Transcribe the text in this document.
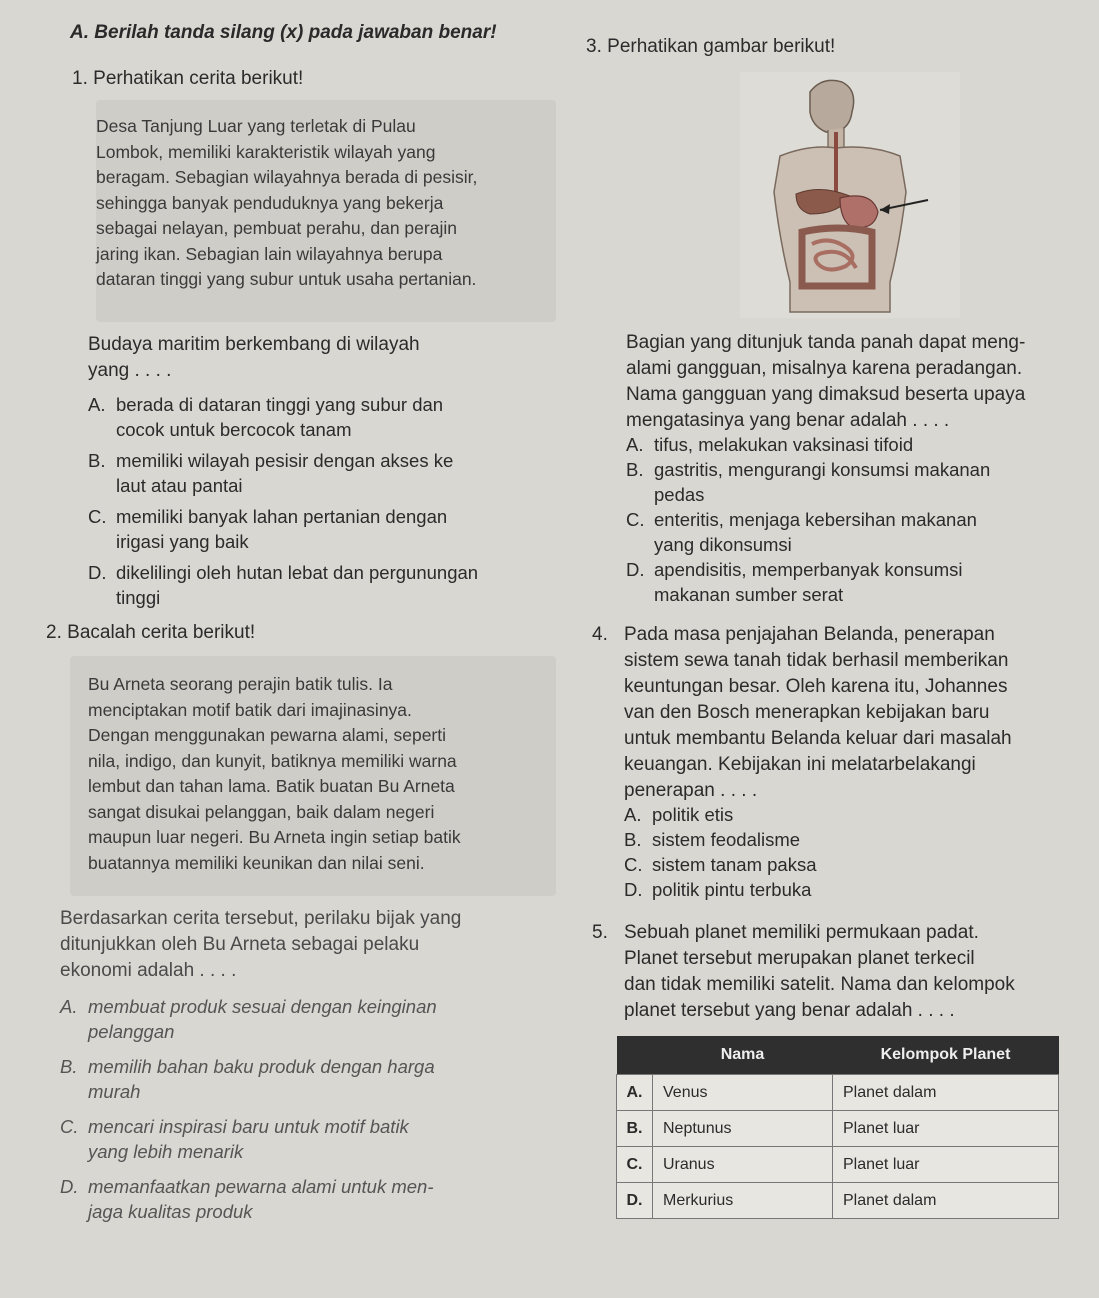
A. Berilah tanda silang (x) pada jawaban benar!
1. Perhatikan cerita berikut!
Desa Tanjung Luar yang terletak di Pulau
Lombok, memiliki karakteristik wilayah yang
beragam. Sebagian wilayahnya berada di pesisir,
sehingga banyak penduduknya yang bekerja
sebagai nelayan, pembuat perahu, dan perajin
jaring ikan. Sebagian lain wilayahnya berupa
dataran tinggi yang subur untuk usaha pertanian.
Budaya maritim berkembang di wilayah
yang . . . .
A. berada di dataran tinggi yang subur dan
cocok untuk bercocok tanam
B. memiliki wilayah pesisir dengan akses ke
laut atau pantai
C. memiliki banyak lahan pertanian dengan
irigasi yang baik
D. dikelilingi oleh hutan lebat dan pergunungan
tinggi
2. Bacalah cerita berikut!
Bu Arneta seorang perajin batik tulis. Ia
menciptakan motif batik dari imajinasinya.
Dengan menggunakan pewarna alami, seperti
nila, indigo, dan kunyit, batiknya memiliki warna
lembut dan tahan lama. Batik buatan Bu Arneta
sangat disukai pelanggan, baik dalam negeri
maupun luar negeri. Bu Arneta ingin setiap batik
buatannya memiliki keunikan dan nilai seni.
Berdasarkan cerita tersebut, perilaku bijak yang
ditunjukkan oleh Bu Arneta sebagai pelaku
ekonomi adalah . . . .
A. membuat produk sesuai dengan keinginan
pelanggan
B. memilih bahan baku produk dengan harga
murah
C. mencari inspirasi baru untuk motif batik
yang lebih menarik
D. memanfaatkan pewarna alami untuk men-
jaga kualitas produk
3. Perhatikan gambar berikut!
Bagian yang ditunjuk tanda panah dapat meng-
alami gangguan, misalnya karena peradangan.
Nama gangguan yang dimaksud beserta upaya
mengatasinya yang benar adalah . . . .
A. tifus, melakukan vaksinasi tifoid
B. gastritis, mengurangi konsumsi makanan
pedas
C. enteritis, menjaga kebersihan makanan
yang dikonsumsi
D. apendisitis, memperbanyak konsumsi
makanan sumber serat
4. Pada masa penjajahan Belanda, penerapan
sistem sewa tanah tidak berhasil memberikan
keuntungan besar. Oleh karena itu, Johannes
van den Bosch menerapkan kebijakan baru
untuk membantu Belanda keluar dari masalah
keuangan. Kebijakan ini melatarbelakangi
penerapan . . . .
A. politik etis
B. sistem feodalisme
C. sistem tanam paksa
D. politik pintu terbuka
5. Sebuah planet memiliki permukaan padat.
Planet tersebut merupakan planet terkecil
dan tidak memiliki satelit. Nama dan kelompok
planet tersebut yang benar adalah . . . .
	Nama	Kelompok Planet
A.	Venus	Planet dalam
B.	Neptunus	Planet luar
C.	Uranus	Planet luar
D.	Merkurius	Planet dalam
